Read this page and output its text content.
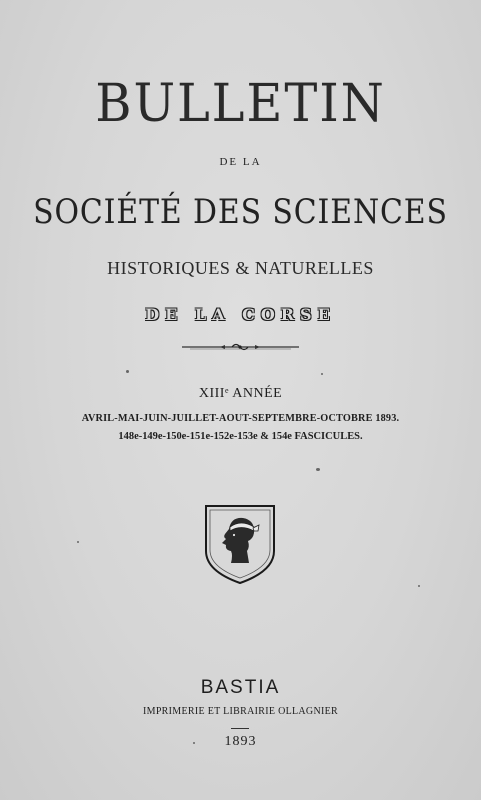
BULLETIN
DE LA
SOCIÉTÉ DES SCIENCES
HISTORIQUES & NATURELLES
DE LA CORSE
XIIIe ANNÉE
AVRIL-MAI-JUIN-JUILLET-AOUT-SEPTEMBRE-OCTOBRE 1893.
148e-149e-150e-151e-152e-153e & 154e FASCICULES.
BASTIA
IMPRIMERIE ET LIBRAIRIE OLLAGNIER
1893
